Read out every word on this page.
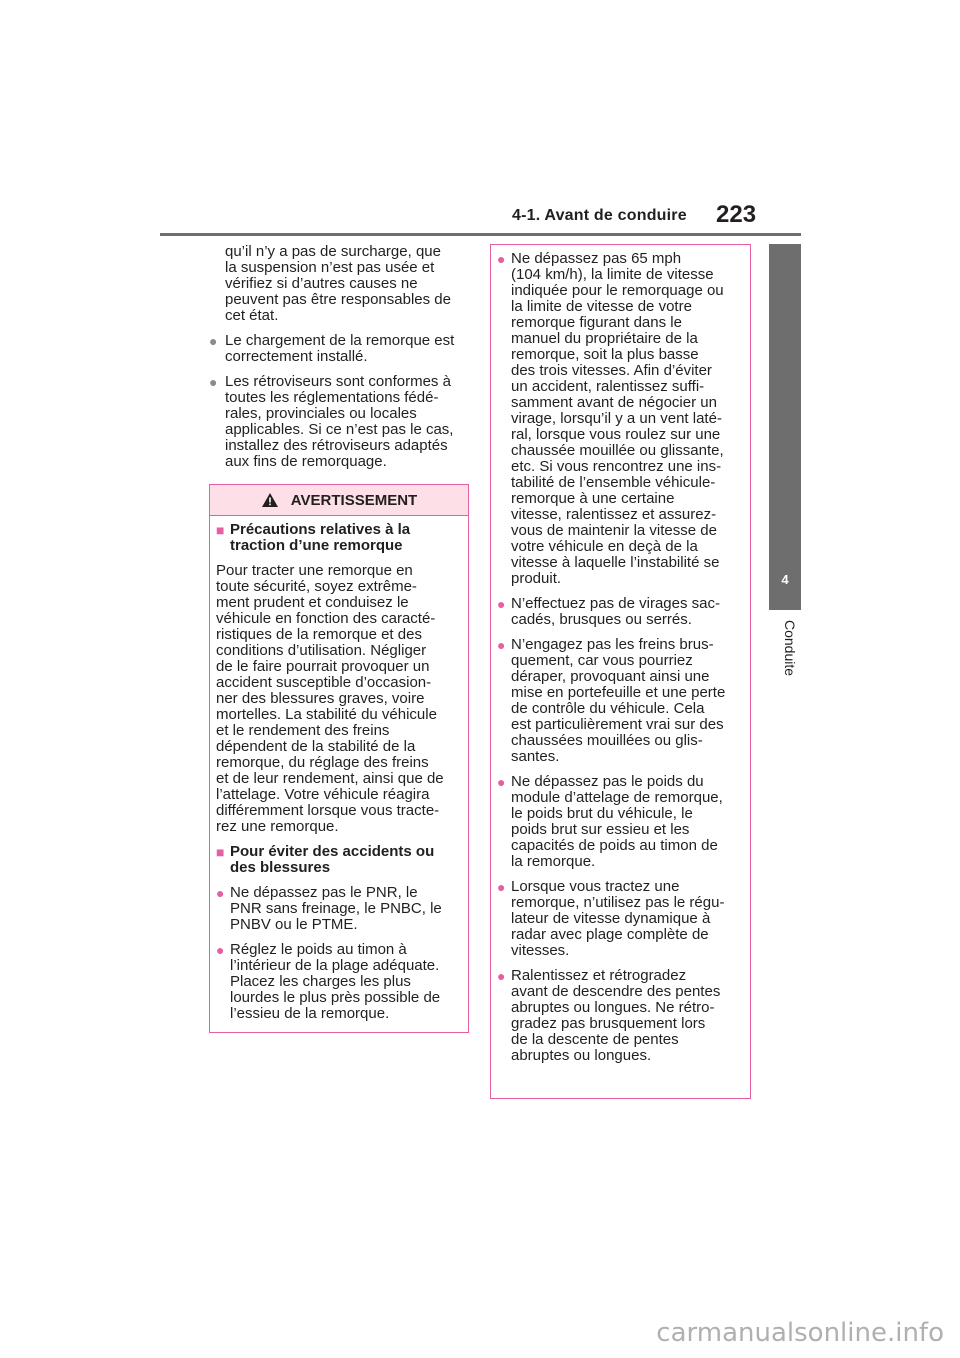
4-1. Avant de conduire 223
4
Conduite
qu’il n’y a pas de surcharge, que
la suspension n’est pas usée et
vérifiez si d’autres causes ne
peuvent pas être responsables de
cet état.
● Le chargement de la remorque est
correctement installé.
● Les rétroviseurs sont conformes à
toutes les réglementations fédé-
rales, provinciales ou locales
applicables. Si ce n’est pas le cas,
installez des rétroviseurs adaptés
aux fins de remorquage.
AVERTISSEMENT
■ Précautions relatives à la
traction d’une remorque
Pour tracter une remorque en
toute sécurité, soyez extrême-
ment prudent et conduisez le
véhicule en fonction des caracté-
ristiques de la remorque et des
conditions d’utilisation. Négliger
de le faire pourrait provoquer un
accident susceptible d’occasion-
ner des blessures graves, voire
mortelles. La stabilité du véhicule
et le rendement des freins
dépendent de la stabilité de la
remorque, du réglage des freins
et de leur rendement, ainsi que de
l’attelage. Votre véhicule réagira
différemment lorsque vous tracte-
rez une remorque.
■ Pour éviter des accidents ou
des blessures
● Ne dépassez pas le PNR, le
PNR sans freinage, le PNBC, le
PNBV ou le PTME.
● Réglez le poids au timon à
l’intérieur de la plage adéquate.
Placez les charges les plus
lourdes le plus près possible de
l’essieu de la remorque.
● Ne dépassez pas 65 mph
(104 km/h), la limite de vitesse
indiquée pour le remorquage ou
la limite de vitesse de votre
remorque figurant dans le
manuel du propriétaire de la
remorque, soit la plus basse
des trois vitesses. Afin d’éviter
un accident, ralentissez suffi-
samment avant de négocier un
virage, lorsqu’il y a un vent laté-
ral, lorsque vous roulez sur une
chaussée mouillée ou glissante,
etc. Si vous rencontrez une ins-
tabilité de l’ensemble véhicule-
remorque à une certaine
vitesse, ralentissez et assurez-
vous de maintenir la vitesse de
votre véhicule en deçà de la
vitesse à laquelle l’instabilité se
produit.
● N’effectuez pas de virages sac-
cadés, brusques ou serrés.
● N’engagez pas les freins brus-
quement, car vous pourriez
déraper, provoquant ainsi une
mise en portefeuille et une perte
de contrôle du véhicule. Cela
est particulièrement vrai sur des
chaussées mouillées ou glis-
santes.
● Ne dépassez pas le poids du
module d’attelage de remorque,
le poids brut du véhicule, le
poids brut sur essieu et les
capacités de poids au timon de
la remorque.
● Lorsque vous tractez une
remorque, n’utilisez pas le régu-
lateur de vitesse dynamique à
radar avec plage complète de
vitesses.
● Ralentissez et rétrogradez
avant de descendre des pentes
abruptes ou longues. Ne rétro-
gradez pas brusquement lors
de la descente de pentes
abruptes ou longues.
carmanualsonline.info
